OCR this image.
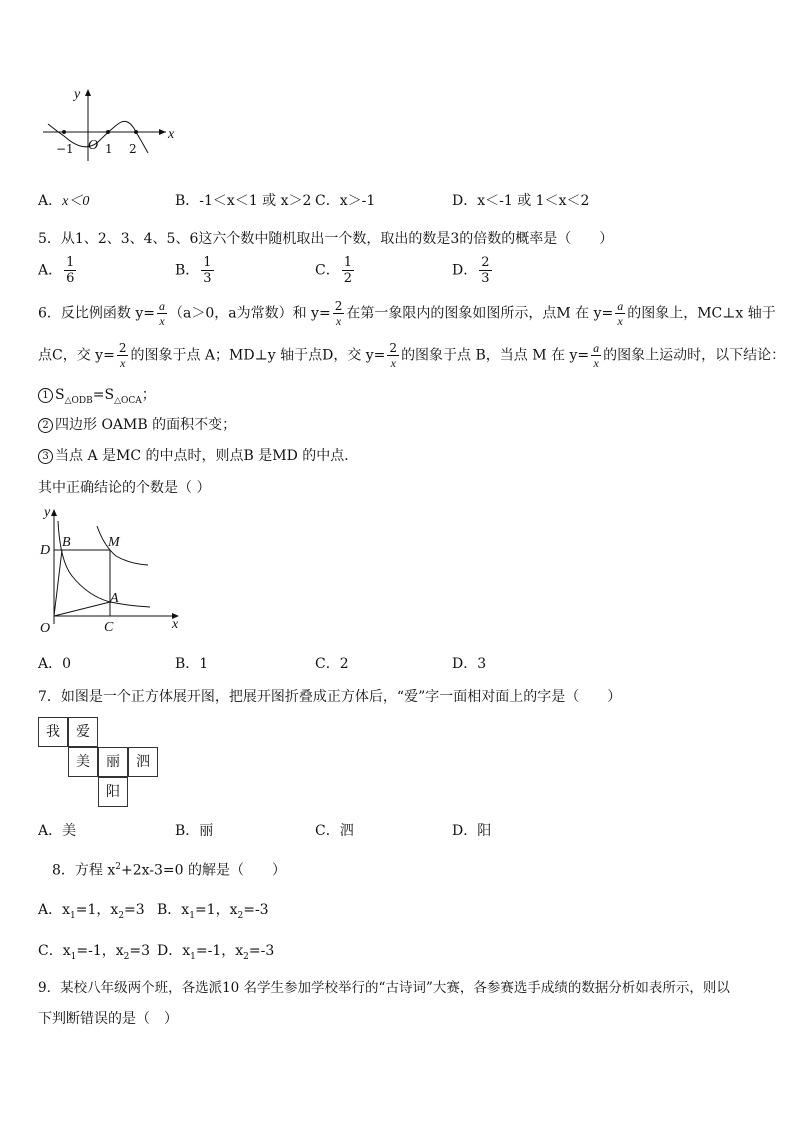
y
x
O
−1	1 2
A．x＜0	B．-1＜x＜1 或 x＞2 C．x＞-1	D．x＜-1 或 1＜x＜2
5．从1、2、3、4、5、6这六个数中随机取出一个数，取出的数是3的倍数的概率是（　　）
A． $\frac{1}{6}$	B． $\frac{1}{3}$	C． $\frac{1}{2}$	D． $\frac{2}{3}$
6．反比例函数 $y= \frac{a}{x} (a>0$，a为常数）和 $y= \frac{2}{x}$ 在第一象限内的图象如图所示，点M 在 $y= \frac{a}{x}$ 的图象上，MC⊥x 轴于
点C，交 $y= \frac{2}{x}$ 的图象于点 A；MD⊥y 轴于点D，交 $y= \frac{2}{x}$ 的图象于点 B，当点 M 在 $y= \frac{a}{x}$ 的图象上运动时，以下结论：
1 $S_{\triangle ODB}=S_{\triangle OCA}$；
2 四边形 OAMB 的面积不变；
3 当点 A 是MC 的中点时，则点B 是MD 的中点．
其中正确结论的个数是（ ）
y
x
O
D
B	M
A
C
A．0	B．1	C．2	D．3
7．如图是一个正方体展开图，把展开图折叠成正方体后，“爱”字一面相对面上的字是（　　）
我	爱
美	丽	泗
阳
A．美	B．丽	C．泗	D．阳
8．方程 $x^2+2x-3=0$ 的解是（　　）
A．$x_1=1$，$x_2=3$ B．$x_1=1$，$x_2=-3$
C．$x_1=-1$，$x_2=3$ D．$x_1=-1$，$x_2=-3$
9．某校八年级两个班，各选派10 名学生参加学校举行的“古诗词”大赛，各参赛选手成绩的数据分析如表所示，则以
下判断错误的是（　）
